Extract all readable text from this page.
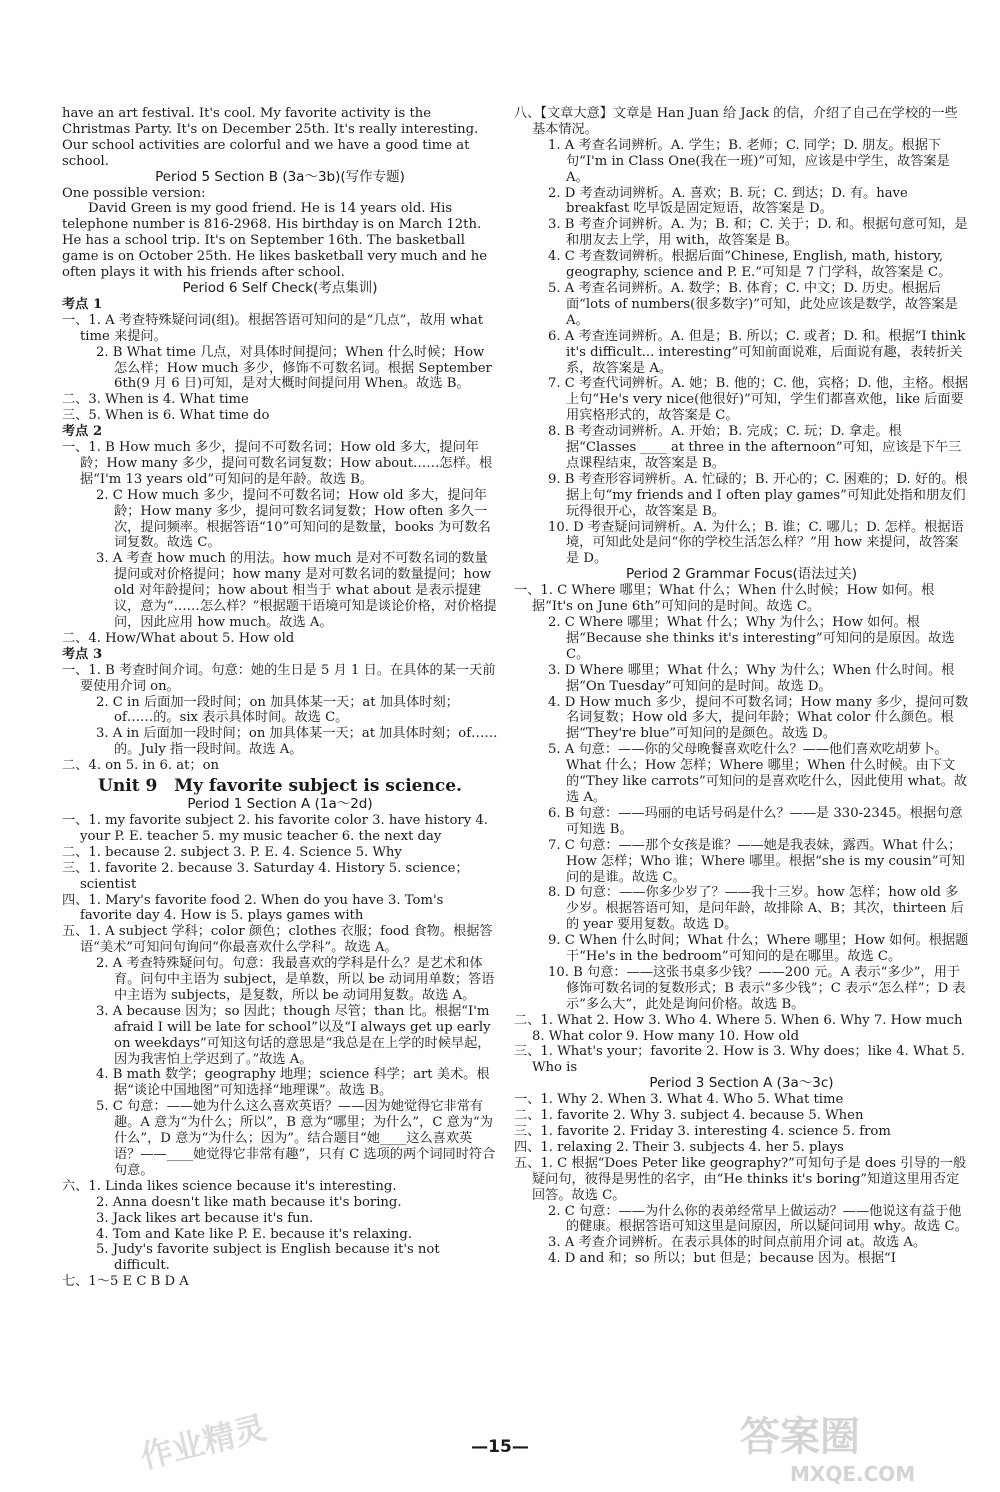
have an art festival. It's cool. My favorite activity is the Christmas Party. It's on December 25th. It's really interesting. Our school activities are colorful and we have a good time at school.

Period 5 Section B (3a～3b)(写作专题)

One possible version:

David Green is my good friend. He is 14 years old. His telephone number is 816-2968. His birthday is on March 12th. He has a school trip. It's on September 16th. The basketball game is on October 25th. He likes basketball very much and he often plays it with his friends after school.

Period 6 Self Check(考点集训)

考点 1

一、1. A 考查特殊疑问词(组)。根据答语可知问的是“几点”，故用 what time 来提问。

2. B What time 几点，对具体时间提问；When 什么时候；How 怎么样；How much 多少，修饰不可数名词。根据 September 6th(9 月 6 日)可知，是对大概时间提问用 When。故选 B。

二、3. When is 4. What time

三、5. When is 6. What time do

考点 2

一、1. B How much 多少，提问不可数名词；How old 多大，提问年龄；How many 多少，提问可数名词复数；How about……怎样。根据“I'm 13 years old”可知问的是年龄。故选 B。

2. C How much 多少，提问不可数名词；How old 多大，提问年龄；How many 多少，提问可数名词复数；How often 多久一次，提问频率。根据答语“10”可知问的是数量，books 为可数名词复数。故选 C。

3. A 考查 how much 的用法。how much 是对不可数名词的数量提问或对价格提问；how many 是对可数名词的数量提问；how old 对年龄提问；how about 相当于 what about 是表示提建议，意为“……怎么样？”根据题干语境可知是谈论价格，对价格提问，因此应用 how much。故选 A。

二、4. How/What about 5. How old

考点 3

一、1. B 考查时间介词。句意：她的生日是 5 月 1 日。在具体的某一天前要使用介词 on。

2. C in 后面加一段时间；on 加具体某一天；at 加具体时刻；of……的。six 表示具体时间。故选 C。

3. A in 后面加一段时间；on 加具体某一天；at 加具体时刻；of……的。July 指一段时间。故选 A。

二、4. on 5. in 6. at；on

Unit 9　My favorite subject is science.

Period 1 Section A (1a～2d)

一、1. my favorite subject 2. his favorite color 3. have history 4. your P. E. teacher 5. my music teacher 6. the next day

二、1. because 2. subject 3. P. E. 4. Science 5. Why

三、1. favorite 2. because 3. Saturday 4. History 5. science；scientist

四、1. Mary's favorite food 2. When do you have 3. Tom's favorite day 4. How is 5. plays games with

五、1. A subject 学科；color 颜色；clothes 衣服；food 食物。根据答语“美术”可知问句询问“你最喜欢什么学科”。故选 A。

2. A 考查特殊疑问句。句意：我最喜欢的学科是什么？是艺术和体育。问句中主语为 subject，是单数，所以 be 动词用单数；答语中主语为 subjects，是复数，所以 be 动词用复数。故选 A。

3. A because 因为；so 因此；though 尽管；than 比。根据“I'm afraid I will be late for school”以及“I always get up early on weekdays”可知这句话的意思是“我总是在上学的时候早起，因为我害怕上学迟到了。”故选 A。

4. B math 数学；geography 地理；science 科学；art 美术。根据“谈论中国地图”可知选择“地理课”。故选 B。

5. C 句意：——她为什么这么喜欢英语？——因为她觉得它非常有趣。A 意为“为什么；所以”，B 意为“哪里；为什么”，C 意为“为什么”，D 意为“为什么；因为”。结合题目“她____这么喜欢英语？——____她觉得它非常有趣”，只有 C 选项的两个词同时符合句意。

六、1. Linda likes science because it's interesting.

2. Anna doesn't like math because it's boring.

3. Jack likes art because it's fun.

4. Tom and Kate like P. E. because it's relaxing.

5. Judy's favorite subject is English because it's not difficult.

七、1～5 E C B D A

八、【文章大意】文章是 Han Juan 给 Jack 的信，介绍了自己在学校的一些基本情况。

1. A 考查名词辨析。A. 学生；B. 老师；C. 同学；D. 朋友。根据下句“I'm in Class One(我在一班)”可知，应该是中学生，故答案是 A。

2. D 考查动词辨析。A. 喜欢；B. 玩；C. 到达；D. 有。have breakfast 吃早饭是固定短语，故答案是 D。

3. B 考查介词辨析。A. 为；B. 和；C. 关于；D. 和。根据句意可知，是和朋友去上学，用 with，故答案是 B。

4. C 考查数词辨析。根据后面“Chinese, English, math, history, geography, science and P. E.”可知是 7 门学科，故答案是 C。

5. A 考查名词辨析。A. 数学；B. 体育；C. 中文；D. 历史。根据后面“lots of numbers(很多数字)”可知，此处应该是数学，故答案是 A。

6. A 考查连词辨析。A. 但是；B. 所以；C. 或者；D. 和。根据“I think it's difficult... interesting”可知前面说难，后面说有趣，表转折关系，故答案是 A。

7. C 考查代词辨析。A. 她；B. 他的；C. 他，宾格；D. 他，主格。根据上句“He's very nice(他很好)”可知，学生们都喜欢他，like 后面要用宾格形式的，故答案是 C。

8. B 考查动词辨析。A. 开始；B. 完成；C. 玩；D. 拿走。根据“Classes ____ at three in the afternoon”可知，应该是下午三点课程结束，故答案是 B。

9. B 考查形容词辨析。A. 忙碌的；B. 开心的；C. 困难的；D. 好的。根据上句“my friends and I often play games”可知此处指和朋友们玩得很开心，故答案是 B。

10. D 考查疑问词辨析。A. 为什么；B. 谁；C. 哪儿；D. 怎样。根据语境，可知此处是问“你的学校生活怎么样？”用 how 来提问，故答案是 D。

Period 2 Grammar Focus(语法过关)

一、1. C Where 哪里；What 什么；When 什么时候；How 如何。根据“It's on June 6th”可知问的是时间。故选 C。

2. C Where 哪里；What 什么；Why 为什么；How 如何。根据“Because she thinks it's interesting”可知问的是原因。故选 C。

3. D Where 哪里；What 什么；Why 为什么；When 什么时间。根据“On Tuesday”可知问的是时间。故选 D。

4. D How much 多少，提问不可数名词；How many 多少，提问可数名词复数；How old 多大，提问年龄；What color 什么颜色。根据“They're blue”可知问的是颜色。故选 D。

5. A 句意：——你的父母晚餐喜欢吃什么？——他们喜欢吃胡萝卜。What 什么；How 怎样；Where 哪里；When 什么时候。由下文的“They like carrots”可知问的是喜欢吃什么，因此使用 what。故选 A。

6. B 句意：——玛丽的电话号码是什么？——是 330-2345。根据句意可知选 B。

7. C 句意：——那个女孩是谁？——她是我表妹，露西。What 什么；How 怎样；Who 谁；Where 哪里。根据“she is my cousin”可知问的是谁。故选 C。

8. D 句意：——你多少岁了？——我十三岁。how 怎样；how old 多少岁。根据答语可知，是问年龄，故排除 A、B；其次，thirteen 后的 year 要用复数。故选 D。

9. C When 什么时间；What 什么；Where 哪里；How 如何。根据题干“He's in the bedroom”可知问的是在哪里。故选 C。

10. B 句意：——这张书桌多少钱？——200 元。A 表示“多少”，用于修饰可数名词的复数形式；B 表示“多少钱”；C 表示“怎么样”；D 表示“多么大”，此处是询问价格。故选 B。

二、1. What 2. How 3. Who 4. Where 5. When 6. Why 7. How much 8. What color 9. How many 10. How old

三、1. What's your；favorite 2. How is 3. Why does；like 4. What 5. Who is

Period 3 Section A (3a～3c)

一、1. Why 2. When 3. What 4. Who 5. What time

二、1. favorite 2. Why 3. subject 4. because 5. When

三、1. favorite 2. Friday 3. interesting 4. science 5. from

四、1. relaxing 2. Their 3. subjects 4. her 5. plays

五、1. C 根据“Does Peter like geography?”可知句子是 does 引导的一般疑问句，彼得是男性的名字，由“He thinks it's boring”知道这里用否定回答。故选 C。

2. C 句意：——为什么你的表弟经常早上做运动？——他说这有益于他的健康。根据答语可知这里是问原因，所以疑问词用 why。故选 C。

3. A 考查介词辨析。在表示具体的时间点前用介词 at。故选 A。

4. D and 和；so 所以；but 但是；because 因为。根据“I

—15—
作业精灵	答案圈
MXQE.COM
